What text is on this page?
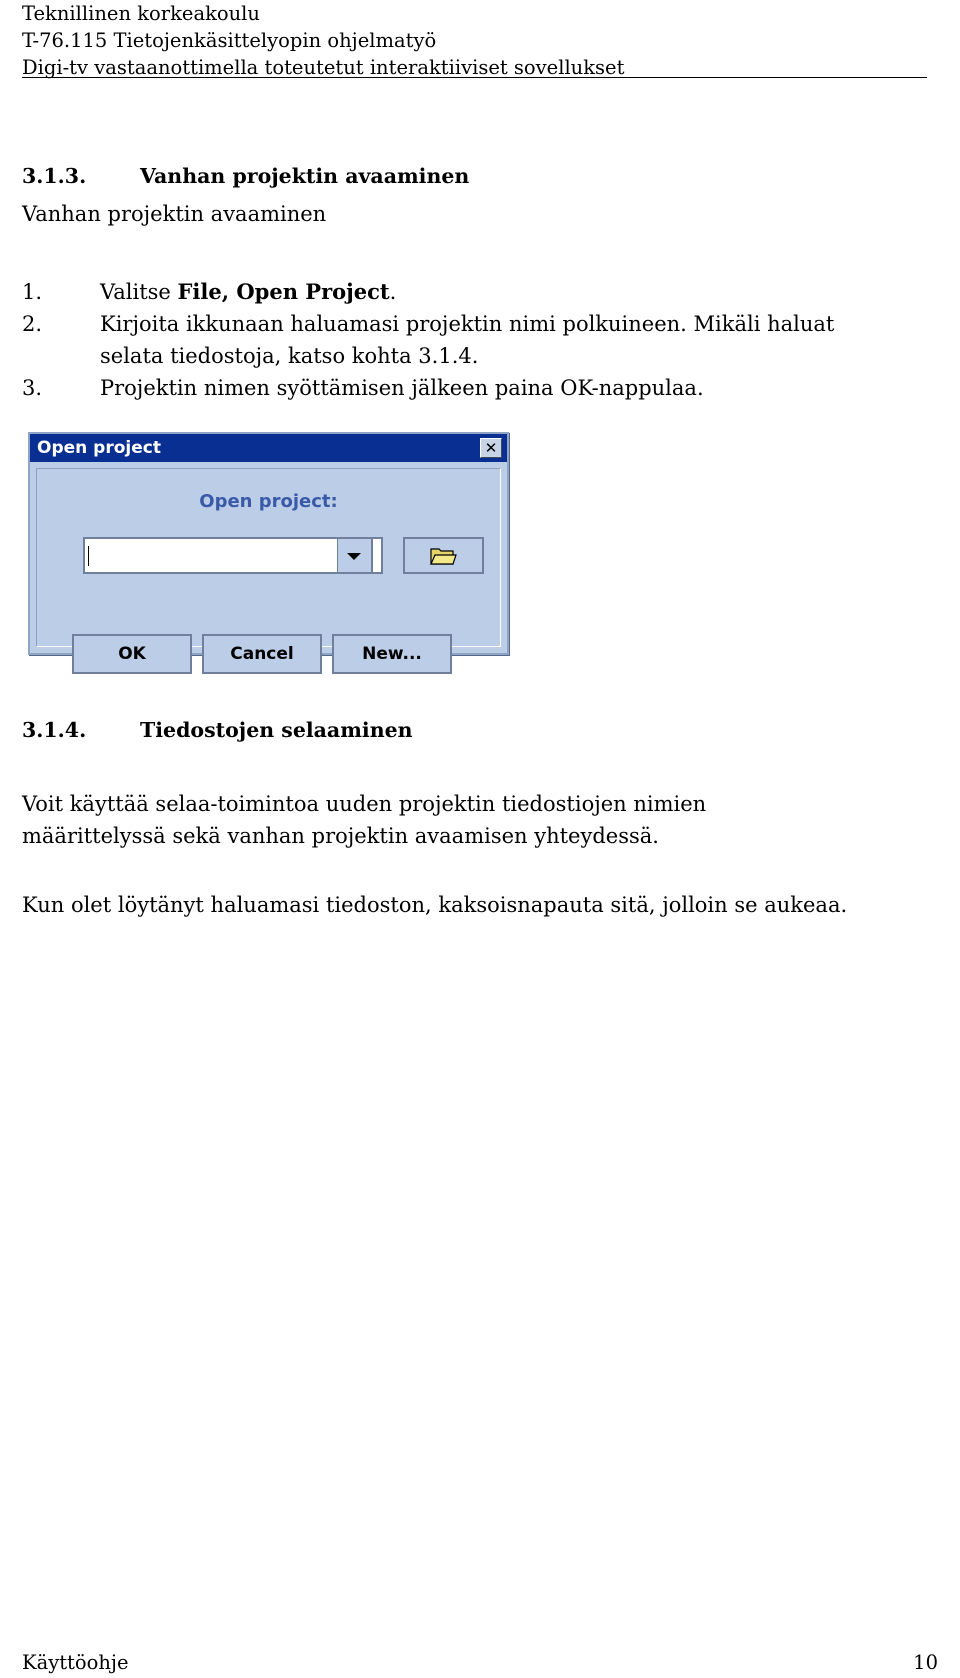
Teknillinen korkeakoulu
T-76.115 Tietojenkäsittelyopin ohjelmatyö
Digi-tv vastaanottimella toteutetut interaktiiviset sovellukset
3.1.3.	Vanhan projektin avaaminen
Vanhan projektin avaaminen
1.	Valitse File, Open Project.
2.	Kirjoita ikkunaan haluamasi projektin nimi polkuineen. Mikäli haluat
selata tiedostoja, katso kohta 3.1.4.
3.	Projektin nimen syöttämisen jälkeen paina OK-nappulaa.
Open project	✕
Open project:
OK	Cancel	New...
3.1.4.	Tiedostojen selaaminen
Voit käyttää selaa-toimintoa uuden projektin tiedostiojen nimien
määrittelyssä sekä vanhan projektin avaamisen yhteydessä.
Kun olet löytänyt haluamasi tiedoston, kaksoisnapauta sitä, jolloin se aukeaa.
Käyttöohje	10
